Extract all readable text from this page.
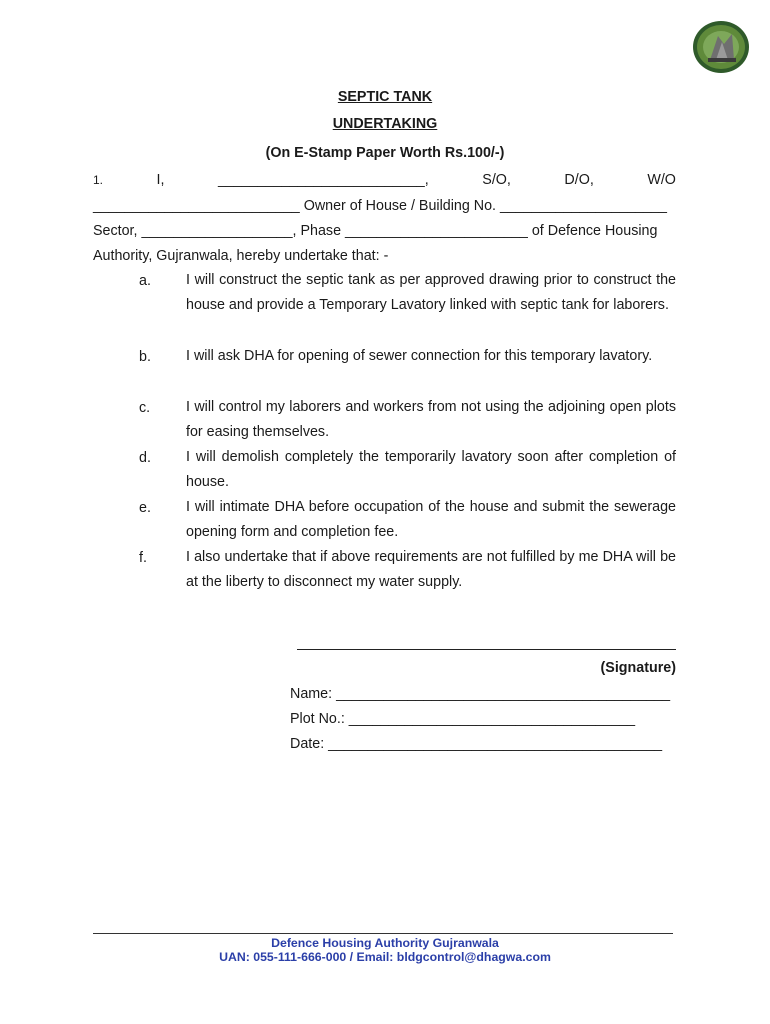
SEPTIC TANK
UNDERTAKING
(On E-Stamp Paper Worth Rs.100/-)
1.	I,	__________________________,	S/O,	D/O,	W/O
__________________________ Owner of House / Building No. _____________________
Sector, ___________________, Phase _______________________ of Defence Housing
Authority, Gujranwala, hereby undertake that: -
a. I will construct the septic tank as per approved drawing prior to construct the house and provide a Temporary Lavatory linked with septic tank for laborers.
b. I will ask DHA for opening of sewer connection for this temporary lavatory.
c.	I will control my laborers and workers from not using the adjoining open plots for easing themselves.
d. I will demolish completely the temporarily lavatory soon after completion of house.
e. I will intimate DHA before occupation of the house and submit the sewerage opening form and completion fee.
f.	I also undertake that if above requirements are not fulfilled by me DHA will be at the liberty to disconnect my water supply.
(Signature)
Name: __________________________________________
Plot No.: ____________________________________
Date: __________________________________________
Defence Housing Authority Gujranwala
UAN: 055-111-666-000 / Email: bldgcontrol@dhagwa.com
